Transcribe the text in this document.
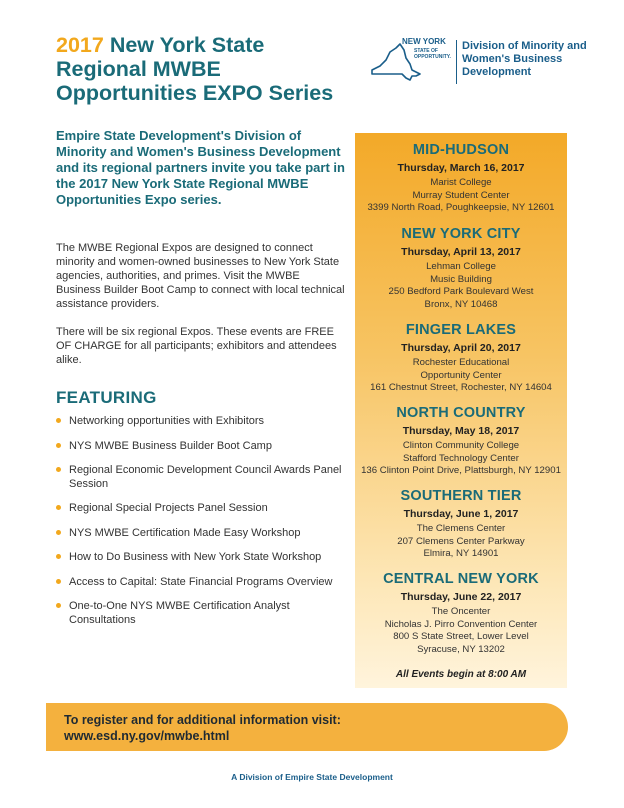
2017 New York State Regional MWBE Opportunities EXPO Series
NEW YORK
STATE OF
OPPORTUNITY.
Division of Minority and Women's Business Development
Empire State Development's Division of Minority and Women's Business Development and its regional partners invite you take part in the 2017 New York State Regional MWBE Opportunities Expo series.

The MWBE Regional Expos are designed to connect minority and women-owned businesses to New York State agencies, authorities, and primes. Visit the MWBE Business Builder Boot Camp to connect with local technical assistance providers.

There will be six regional Expos. These events are FREE OF CHARGE for all participants; exhibitors and attendees alike.

FEATURING
Networking opportunities with Exhibitors
NYS MWBE Business Builder Boot Camp
Regional Economic Development Council Awards Panel Session
Regional Special Projects Panel Session
NYS MWBE Certification Made Easy Workshop
How to Do Business with New York State Workshop
Access to Capital: State Financial Programs Overview
One-to-One NYS MWBE Certification Analyst Consultations
MID-HUDSON
Thursday, March 16, 2017
Marist College
Murray Student Center
3399 North Road, Poughkeepsie, NY 12601
NEW YORK CITY
Thursday, April 13, 2017
Lehman College
Music Building
250 Bedford Park Boulevard West
Bronx, NY 10468
FINGER LAKES
Thursday, April 20, 2017
Rochester Educational
Opportunity Center
161 Chestnut Street, Rochester, NY 14604
NORTH COUNTRY
Thursday, May 18, 2017
Clinton Community College
Stafford Technology Center
136 Clinton Point Drive, Plattsburgh, NY 12901
SOUTHERN TIER
Thursday, June 1, 2017
The Clemens Center
207 Clemens Center Parkway
Elmira, NY 14901
CENTRAL NEW YORK
Thursday, June 22, 2017
The Oncenter
Nicholas J. Pirro Convention Center
800 S State Street, Lower Level
Syracuse, NY 13202
All Events begin at 8:00 AM
To register and for additional information visit:
www.esd.ny.gov/mwbe.html
A Division of Empire State Development
